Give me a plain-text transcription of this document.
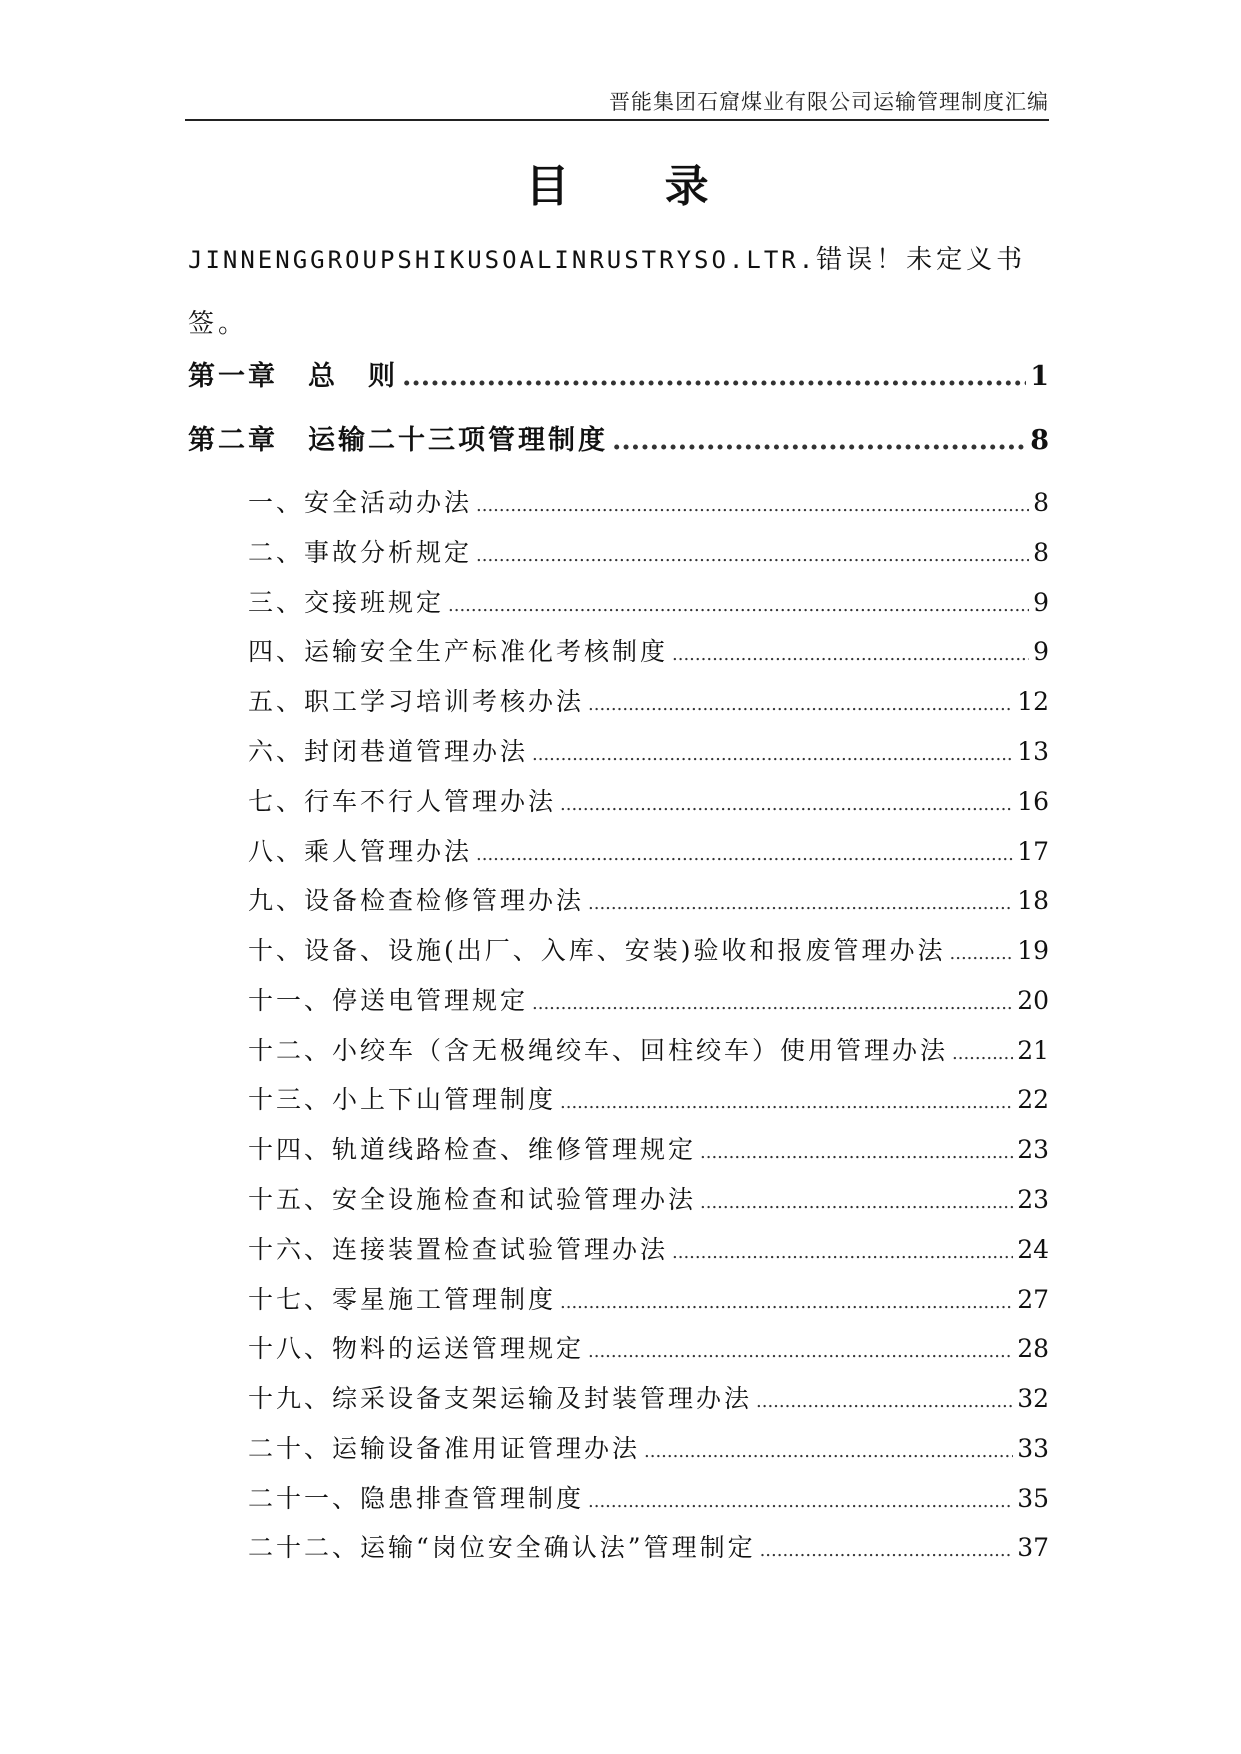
晋能集团石窟煤业有限公司运输管理制度汇编
目 录
JINNENGGROUPSHIKUSOALINRUSTRYSO.LTR.错误！未定义书签。
第一章　总　则 .....	1
第二章　运输二十三项管理制度 .....	8
一、安全活动办法 .....	8
二、事故分析规定 .....	8
三、交接班规定 .....	9
四、运输安全生产标准化考核制度 .....	9
五、职工学习培训考核办法 .....	12
六、封闭巷道管理办法 .....	13
七、行车不行人管理办法 .....	16
八、乘人管理办法 .....	17
九、设备检查检修管理办法 .....	18
十、设备、设施(出厂、入库、安装)验收和报废管理办法 .....	19
十一、停送电管理规定 .....	20
十二、小绞车（含无极绳绞车、回柱绞车）使用管理办法 .....	21
十三、小上下山管理制度 .....	22
十四、轨道线路检查、维修管理规定 .....	23
十五、安全设施检查和试验管理办法 .....	23
十六、连接装置检查试验管理办法 .....	24
十七、零星施工管理制度 .....	27
十八、物料的运送管理规定 .....	28
十九、综采设备支架运输及封装管理办法 .....	32
二十、运输设备准用证管理办法 .....	33
二十一、隐患排查管理制度 .....	35
二十二、运输“岗位安全确认法”管理制定 .....	37
